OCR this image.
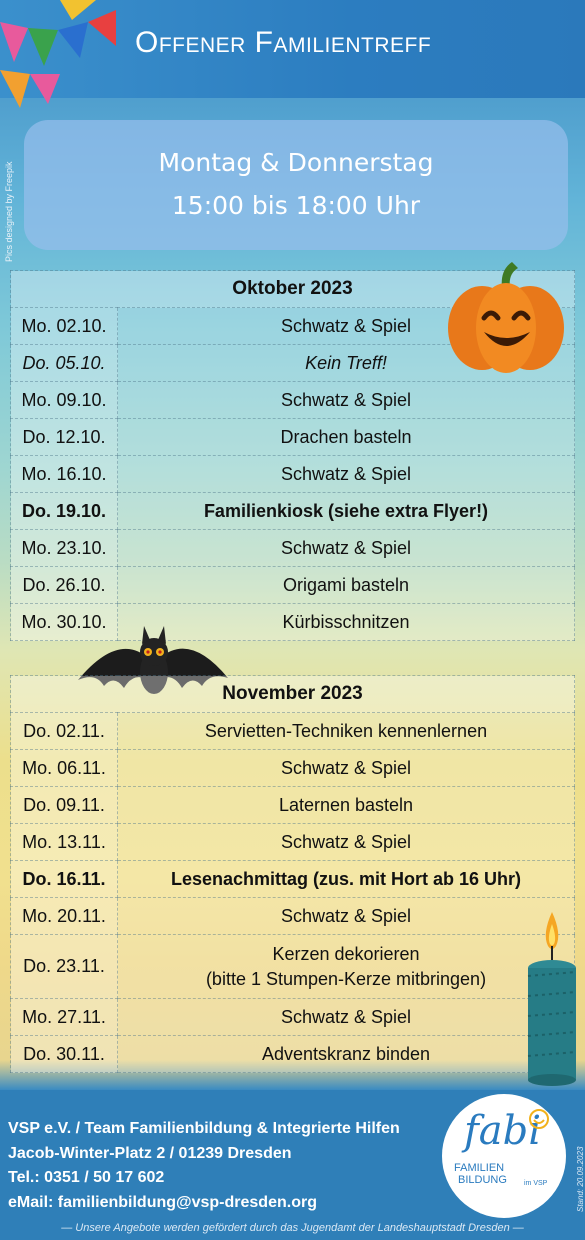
Offener Familientreff
Pics designed by Freepik	Montag & Donnerstag
15:00 bis 18:00 Uhr
Oktober 2023	
Mo. 02.10.	Schwatz & Spiel
Do. 05.10.	Kein Treff!
Mo. 09.10.	Schwatz & Spiel
Do. 12.10.	Drachen basteln
Mo. 16.10.	Schwatz & Spiel
Do. 19.10.	Familienkiosk (siehe extra Flyer!)
Mo. 23.10.	Schwatz & Spiel
Do. 26.10.	Origami basteln
Mo. 30.10.	Kürbisschnitzen
November 2023	
Do. 02.11.	Servietten-Techniken kennenlernen
Mo. 06.11.	Schwatz & Spiel
Do. 09.11.	Laternen basteln
Mo. 13.11.	Schwatz & Spiel
Do. 16.11.	Lesenachmittag (zus. mit Hort ab 16 Uhr)
Mo. 20.11.	Schwatz & Spiel
Do. 23.11.	Kerzen dekorieren
(bitte 1 Stumpen-Kerze mitbringen)

Mo. 27.11.	Schwatz & Spiel
Do. 30.11.	Adventskranz binden
VSP e.V. / Team Familienbildung & Integrierte Hilfen
Jacob-Winter-Platz 2 / 01239 Dresden
Tel.: 0351 / 50 17 602
eMail: familienbildung@vsp-dresden.org
fabi
FAMILIEN
BILDUNG im VSP	Stand: 20.09.2023
— Unsere Angebote werden gefördert durch das Jugendamt der Landeshauptstadt Dresden —
